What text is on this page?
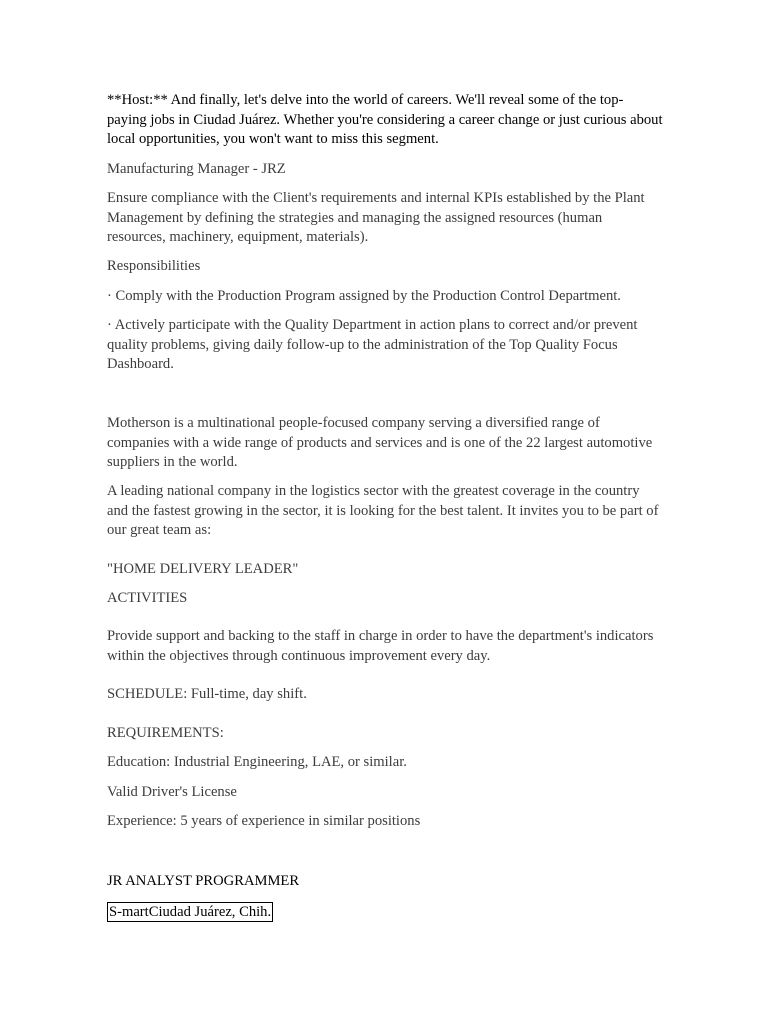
**Host:** And finally, let's delve into the world of careers. We'll reveal some of the top-paying jobs in Ciudad Juárez. Whether you're considering a career change or just curious about local opportunities, you won't want to miss this segment.

Manufacturing Manager - JRZ

Ensure compliance with the Client's requirements and internal KPIs established by the Plant Management by defining the strategies and managing the assigned resources (human resources, machinery, equipment, materials).

Responsibilities

· Comply with the Production Program assigned by the Production Control Department.

· Actively participate with the Quality Department in action plans to correct and/or prevent quality problems, giving daily follow-up to the administration of the Top Quality Focus Dashboard.

Motherson is a multinational people-focused company serving a diversified range of companies with a wide range of products and services and is one of the 22 largest automotive suppliers in the world.

A leading national company in the logistics sector with the greatest coverage in the country and the fastest growing in the sector, it is looking for the best talent. It invites you to be part of our great team as:

"HOME DELIVERY LEADER"

ACTIVITIES

Provide support and backing to the staff in charge in order to have the department's indicators within the objectives through continuous improvement every day.

SCHEDULE: Full-time, day shift.

REQUIREMENTS:

Education: Industrial Engineering, LAE, or similar.

Valid Driver's License

Experience: 5 years of experience in similar positions

JR ANALYST PROGRAMMER

S-martCiudad Juárez, Chih.
